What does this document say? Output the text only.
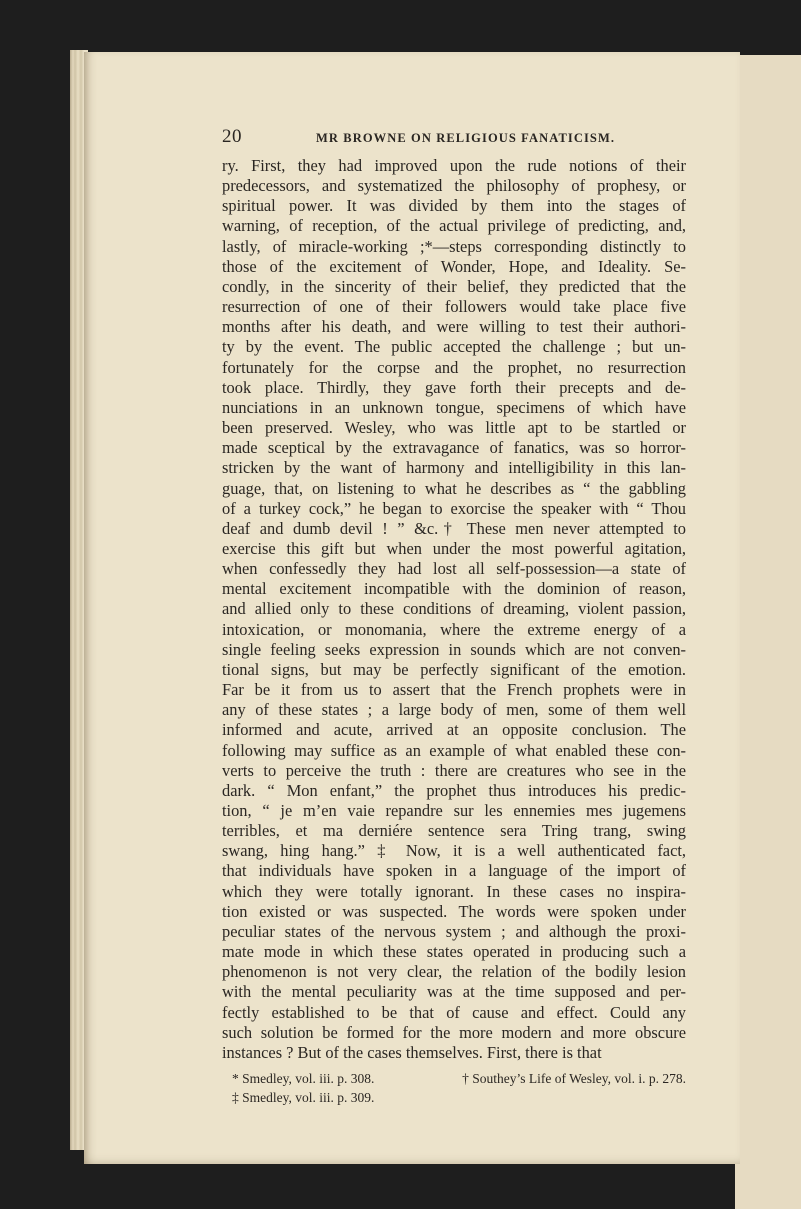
20	MR BROWNE ON RELIGIOUS FANATICISM.
ry. First, they had improved upon the rude notions of their
predecessors, and systematized the philosophy of prophesy, or
spiritual power. It was divided by them into the stages of
warning, of reception, of the actual privilege of predicting, and,
lastly, of miracle-working ;*—steps corresponding distinctly to
those of the excitement of Wonder, Hope, and Ideality. Se-
condly, in the sincerity of their belief, they predicted that the
resurrection of one of their followers would take place five
months after his death, and were willing to test their authori-
ty by the event. The public accepted the challenge ; but un-
fortunately for the corpse and the prophet, no resurrection
took place. Thirdly, they gave forth their precepts and de-
nunciations in an unknown tongue, specimens of which have
been preserved. Wesley, who was little apt to be startled or
made sceptical by the extravagance of fanatics, was so horror-
stricken by the want of harmony and intelligibility in this lan-
guage, that, on listening to what he describes as “ the gabbling
of a turkey cock,” he began to exorcise the speaker with “ Thou
deaf and dumb devil ! ” &c.† These men never attempted to
exercise this gift but when under the most powerful agitation,
when confessedly they had lost all self-possession—a state of
mental excitement incompatible with the dominion of reason,
and allied only to these conditions of dreaming, violent passion,
intoxication, or monomania, where the extreme energy of a
single feeling seeks expression in sounds which are not conven-
tional signs, but may be perfectly significant of the emotion.
Far be it from us to assert that the French prophets were in
any of these states ; a large body of men, some of them well
informed and acute, arrived at an opposite conclusion. The
following may suffice as an example of what enabled these con-
verts to perceive the truth : there are creatures who see in the
dark. “ Mon enfant,” the prophet thus introduces his predic-
tion, “ je m’en vaie repandre sur les ennemies mes jugemens
terribles, et ma derniére sentence sera Tring trang, swing
swang, hing hang.” ‡ Now, it is a well authenticated fact,
that individuals have spoken in a language of the import of
which they were totally ignorant. In these cases no inspira-
tion existed or was suspected. The words were spoken under
peculiar states of the nervous system ; and although the proxi-
mate mode in which these states operated in producing such a
phenomenon is not very clear, the relation of the bodily lesion
with the mental peculiarity was at the time supposed and per-
fectly established to be that of cause and effect. Could any
such solution be formed for the more modern and more obscure
instances ? But of the cases themselves. First, there is that
* Smedley, vol. iii. p. 308.	† Southey’s Life of Wesley, vol. i. p. 278.
‡ Smedley, vol. iii. p. 309.
